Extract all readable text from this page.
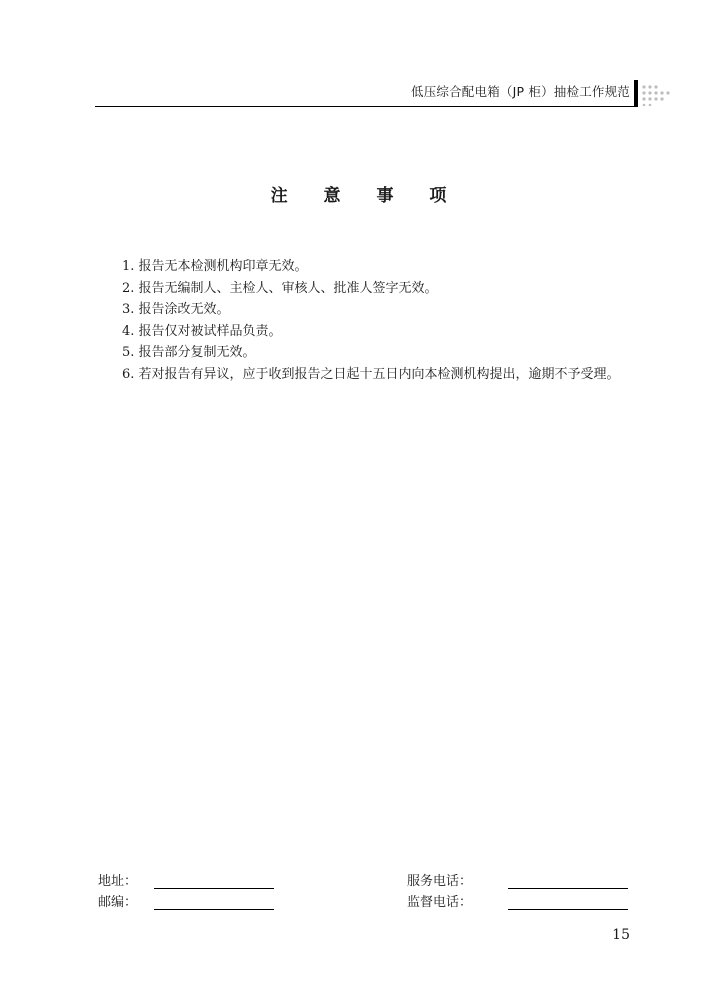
低压综合配电箱（JP 柜）抽检工作规范
注 意 事 项

1. 报告无本检测机构印章无效。

2. 报告无编制人、主检人、审核人、批准人签字无效。

3. 报告涂改无效。

4. 报告仅对被试样品负责。

5. 报告部分复制无效。

6. 若对报告有异议，应于收到报告之日起十五日内向本检测机构提出，逾期不予受理。

地址：	服务电话：
邮编：	监督电话：
15
